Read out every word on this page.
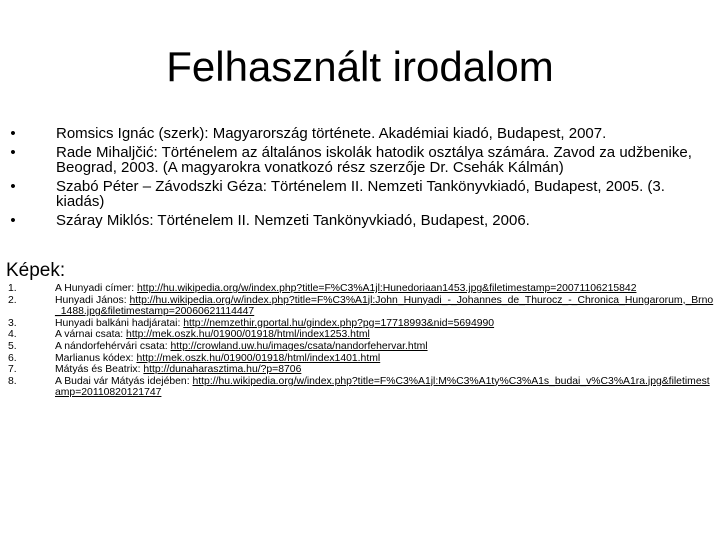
Felhasznált irodalom
•	Romsics Ignác (szerk): Magyarország története. Akadémiai kiadó, Budapest, 2007.
•	Rade Mihaljčić: Történelem az általános iskolák hatodik osztálya számára. Zavod za udžbenike, Beograd, 2003. (A magyarokra vonatkozó rész szerzője Dr. Csehák Kálmán)
•	Szabó Péter – Závodszki Géza: Történelem II. Nemzeti Tankönyvkiadó, Budapest, 2005. (3. kiadás)
•	Száray Miklós: Történelem II. Nemzeti Tankönyvkiadó, Budapest, 2006.
Képek:
1.	A Hunyadi címer: http://hu.wikipedia.org/w/index.php?title=F%C3%A1jl:Hunedoriaan1453.jpg&filetimestamp=20071106215842
2.	Hunyadi János: http://hu.wikipedia.org/w/index.php?title=F%C3%A1jl:John_Hunyadi_-_Johannes_de_Thurocz_-_Chronica_Hungarorum,_Brno_1488.jpg&filetimestamp=20060621114447
3.	Hunyadi balkáni hadjáratai: http://nemzethir.gportal.hu/gindex.php?pg=17718993&nid=5694990
4.	A várnai csata: http://mek.oszk.hu/01900/01918/html/index1253.html
5.	A nándorfehérvári csata: http://crowland.uw.hu/images/csata/nandorfehervar.html
6.	Marlianus kódex: http://mek.oszk.hu/01900/01918/html/index1401.html
7.	Mátyás és Beatrix: http://dunaharasztima.hu/?p=8706
8.	A Budai vár Mátyás idejében: http://hu.wikipedia.org/w/index.php?title=F%C3%A1jl:M%C3%A1ty%C3%A1s_budai_v%C3%A1ra.jpg&filetimestamp=20110820121747
